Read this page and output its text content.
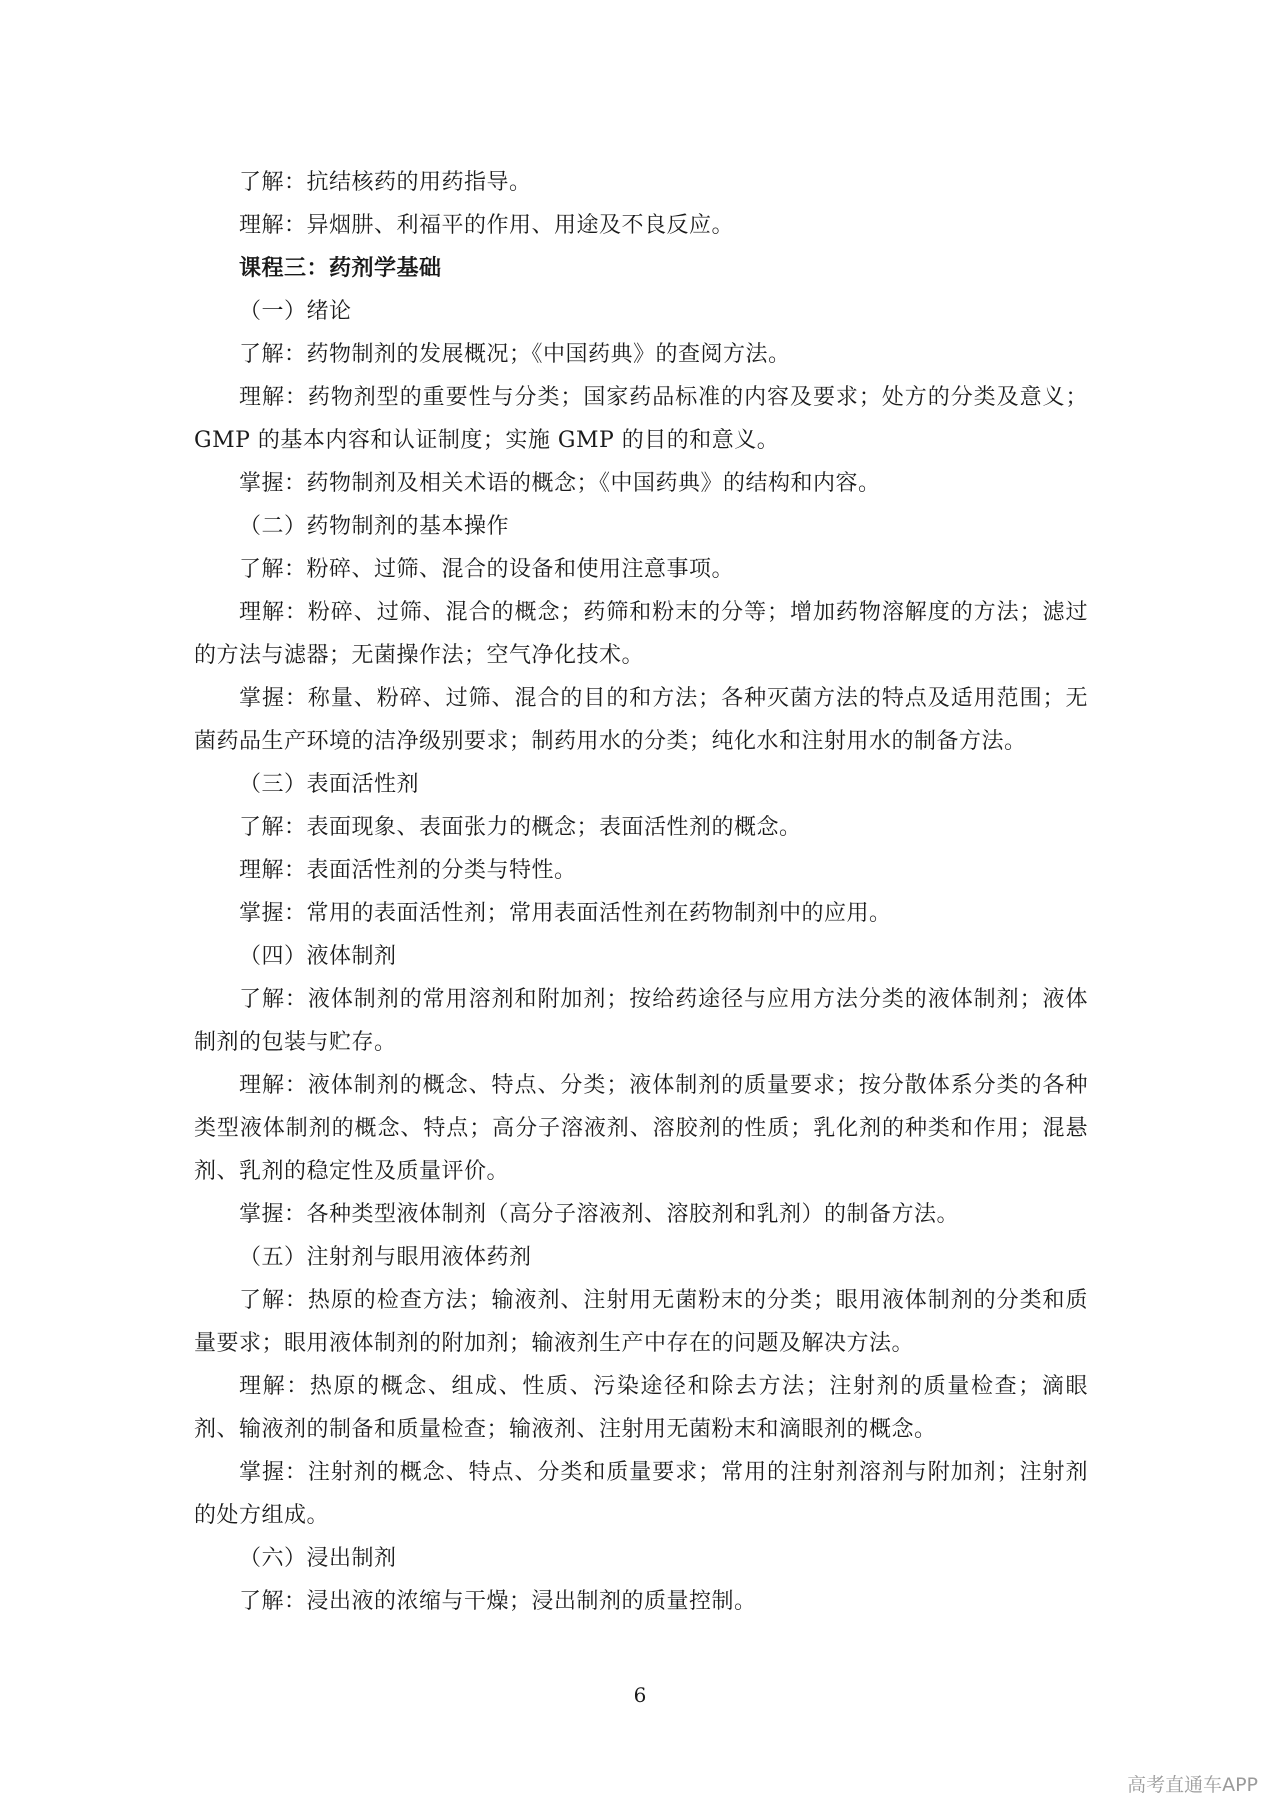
了解：抗结核药的用药指导。

理解：异烟肼、利福平的作用、用途及不良反应。

课程三：药剂学基础

（一）绪论

了解：药物制剂的发展概况；《中国药典》的查阅方法。

理解：药物剂型的重要性与分类；国家药品标准的内容及要求；处方的分类及意义；GMP 的基本内容和认证制度；实施 GMP 的目的和意义。

掌握：药物制剂及相关术语的概念；《中国药典》的结构和内容。

（二）药物制剂的基本操作

了解：粉碎、过筛、混合的设备和使用注意事项。

理解：粉碎、过筛、混合的概念；药筛和粉末的分等；增加药物溶解度的方法；滤过的方法与滤器；无菌操作法；空气净化技术。

掌握：称量、粉碎、过筛、混合的目的和方法；各种灭菌方法的特点及适用范围；无菌药品生产环境的洁净级别要求；制药用水的分类；纯化水和注射用水的制备方法。

（三）表面活性剂

了解：表面现象、表面张力的概念；表面活性剂的概念。

理解：表面活性剂的分类与特性。

掌握：常用的表面活性剂；常用表面活性剂在药物制剂中的应用。

（四）液体制剂

了解：液体制剂的常用溶剂和附加剂；按给药途径与应用方法分类的液体制剂；液体制剂的包装与贮存。

理解：液体制剂的概念、特点、分类；液体制剂的质量要求；按分散体系分类的各种类型液体制剂的概念、特点；高分子溶液剂、溶胶剂的性质；乳化剂的种类和作用；混悬剂、乳剂的稳定性及质量评价。

掌握：各种类型液体制剂（高分子溶液剂、溶胶剂和乳剂）的制备方法。

（五）注射剂与眼用液体药剂

了解：热原的检查方法；输液剂、注射用无菌粉末的分类；眼用液体制剂的分类和质量要求；眼用液体制剂的附加剂；输液剂生产中存在的问题及解决方法。

理解：热原的概念、组成、性质、污染途径和除去方法；注射剂的质量检查；滴眼剂、输液剂的制备和质量检查；输液剂、注射用无菌粉末和滴眼剂的概念。

掌握：注射剂的概念、特点、分类和质量要求；常用的注射剂溶剂与附加剂；注射剂的处方组成。

（六）浸出制剂

了解：浸出液的浓缩与干燥；浸出制剂的质量控制。

6
高考直通车APP
